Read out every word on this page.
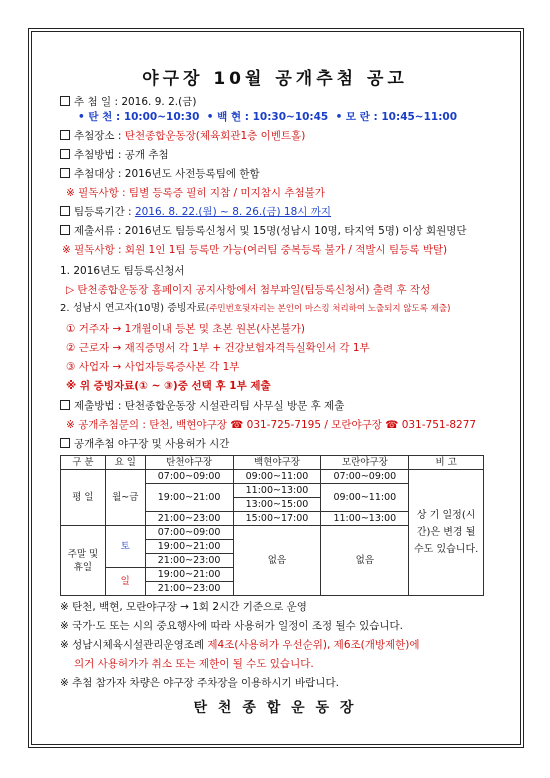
야구장 10월 공개추첨 공고
추 첨 일 : 2016. 9. 2.(금)
• 탄 천 : 10:00~10:30 • 백 현 : 10:30~10:45 • 모 란 : 10:45~11:00
추첨장소 : 탄천종합운동장(체육회관1층 이벤트홀)
추첨방법 : 공개 추첨
추첨대상 : 2016년도 사전등록팀에 한함
※ 필독사항 : 팀별 등록증 필히 지참 / 미지참시 추첨불가
팀등록기간 : 2016. 8. 22.(월) ~ 8. 26.(금) 18시 까지
제출서류 : 2016년도 팀등록신청서 및 15명(성남시 10명, 타지역 5명) 이상 회원명단
※ 필독사항 : 회원 1인 1팀 등록만 가능(여러팀 중복등록 불가 / 적발시 팀등록 박탈)
1. 2016년도 팀등록신청서
▷ 탄천종합운동장 홈페이지 공지사항에서 첨부파일(팀등록신청서) 출력 후 작성
2. 성남시 연고자(10명) 증빙자료(주민번호뒷자리는 본인이 마스킹 처리하여 노출되지 않도록 제출)
① 거주자 → 1개월이내 등본 및 초본 원본(사본불가)
② 근로자 → 재직증명서 각 1부 + 건강보험자격득실확인서 각 1부
③ 사업자 → 사업자등록증사본 각 1부
※ 위 증빙자료(① ~ ③)중 선택 후 1부 제출
제출방법 : 탄천종합운동장 시설관리팀 사무실 방문 후 제출
※ 공개추첨문의 : 탄천, 백현야구장 ☎ 031-725-7195 / 모란야구장 ☎ 031-751-8277
공개추첨 야구장 및 사용허가 시간
구 분	요 일	탄천야구장	백현야구장	모란야구장	비 고
평 일	월~금	07:00~09:00	09:00~11:00	07:00~09:00	상 기 일정(시간)은 변경 될 수도 있습니다.
		19:00~21:00	11:00~13:00	09:00~11:00	
			13:00~15:00		
		21:00~23:00	15:00~17:00	11:00~13:00	
주말 및 휴일	토	07:00~09:00	없음	없음	
		19:00~21:00			
		21:00~23:00			
	일	19:00~21:00			
		21:00~23:00			
※ 탄천, 백현, 모란야구장 → 1회 2시간 기준으로 운영
※ 국가·도 또는 시의 중요행사에 따라 사용허가 일정이 조정 될수 있습니다.
※ 성남시체육시설관리운영조례 제4조(사용허가 우선순위), 제6조(개방제한)에
의거 사용허가가 취소 또는 제한이 될 수도 있습니다.
※ 추첨 참가자 차량은 야구장 주차장을 이용하시기 바랍니다.
탄 천 종 합 운 동 장
